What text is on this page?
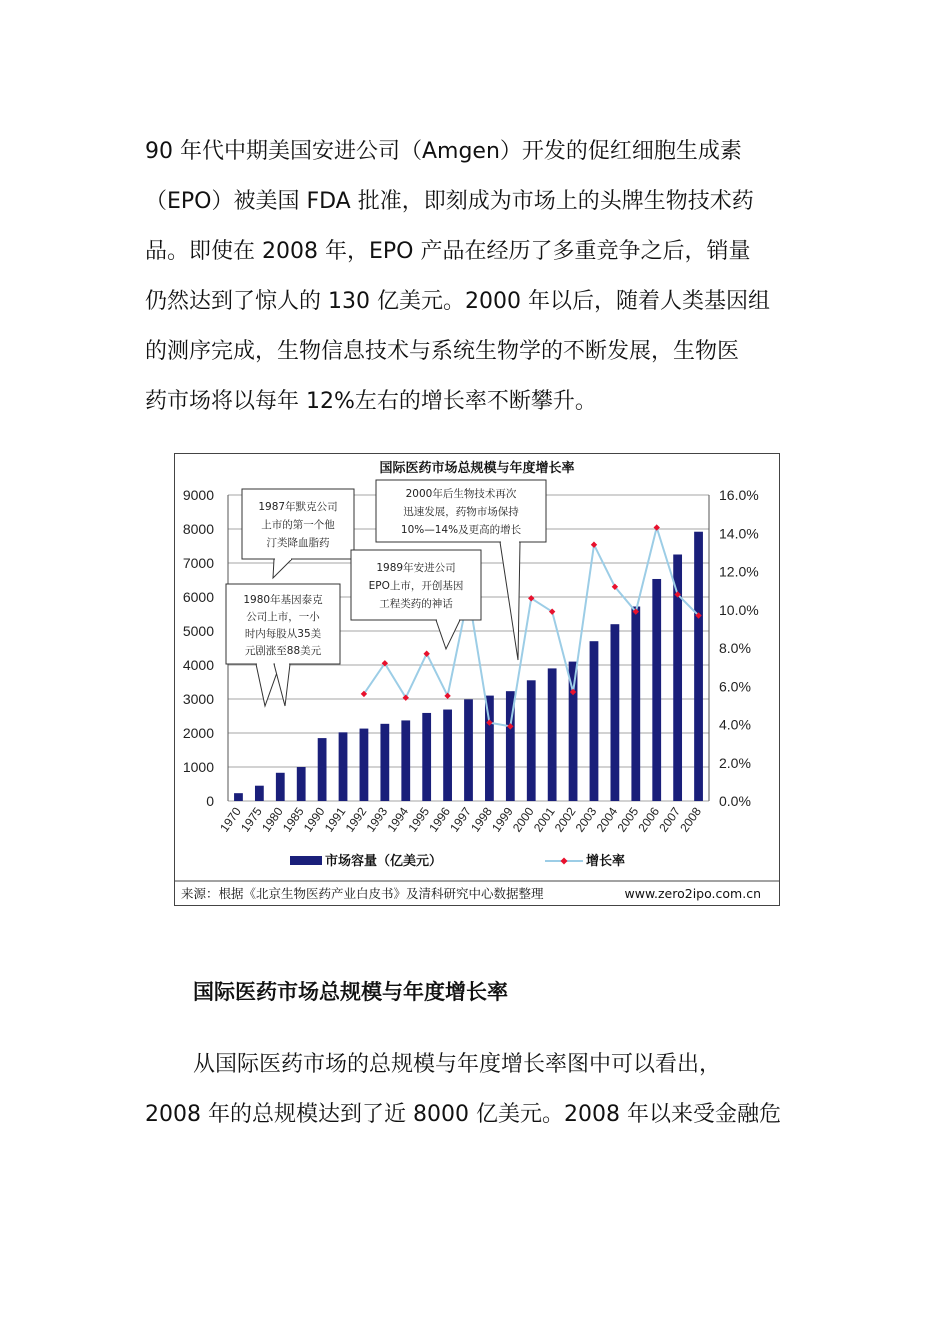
90 年代中期美国安进公司（Amgen）开发的促红细胞生成素
（EPO）被美国 FDA 批准，即刻成为市场上的头牌生物技术药
品。即使在 2008 年，EPO 产品在经历了多重竞争之后，销量
仍然达到了惊人的 130 亿美元。2000 年以后，随着人类基因组
的测序完成，生物信息技术与系统生物学的不断发展，生物医
药市场将以每年 12%左右的增长率不断攀升。
国际医药市场总规模与年度增长率
0
1000
2000
3000
4000
5000
6000
7000
8000
9000
0.0%
2.0%
4.0%
6.0%
8.0%
10.0%
12.0%
14.0%
16.0%
1970
1975
1980
1985
1990
1991
1992
1993
1994
1995
1996
1997
1998
1999
2000
2001
2002
2003
2004
2005
2006
2007
2008
1980年基因泰克
公司上市，一小
时内每股从35美
元剧涨至88美元
1987年默克公司
上市的第一个他
汀类降血脂药
1989年安进公司
EPO上市，开创基因
工程类药的神话
2000年后生物技术再次
迅速发展，药物市场保持
10%—14%及更高的增长
市场容量（亿美元）	增长率
来源：根据《北京生物医药产业白皮书》及清科研究中心数据整理	www.zero2ipo.com.cn

国际医药市场总规模与年度增长率

从国际医药市场的总规模与年度增长率图中可以看出，
2008 年的总规模达到了近 8000 亿美元。2008 年以来受金融危
